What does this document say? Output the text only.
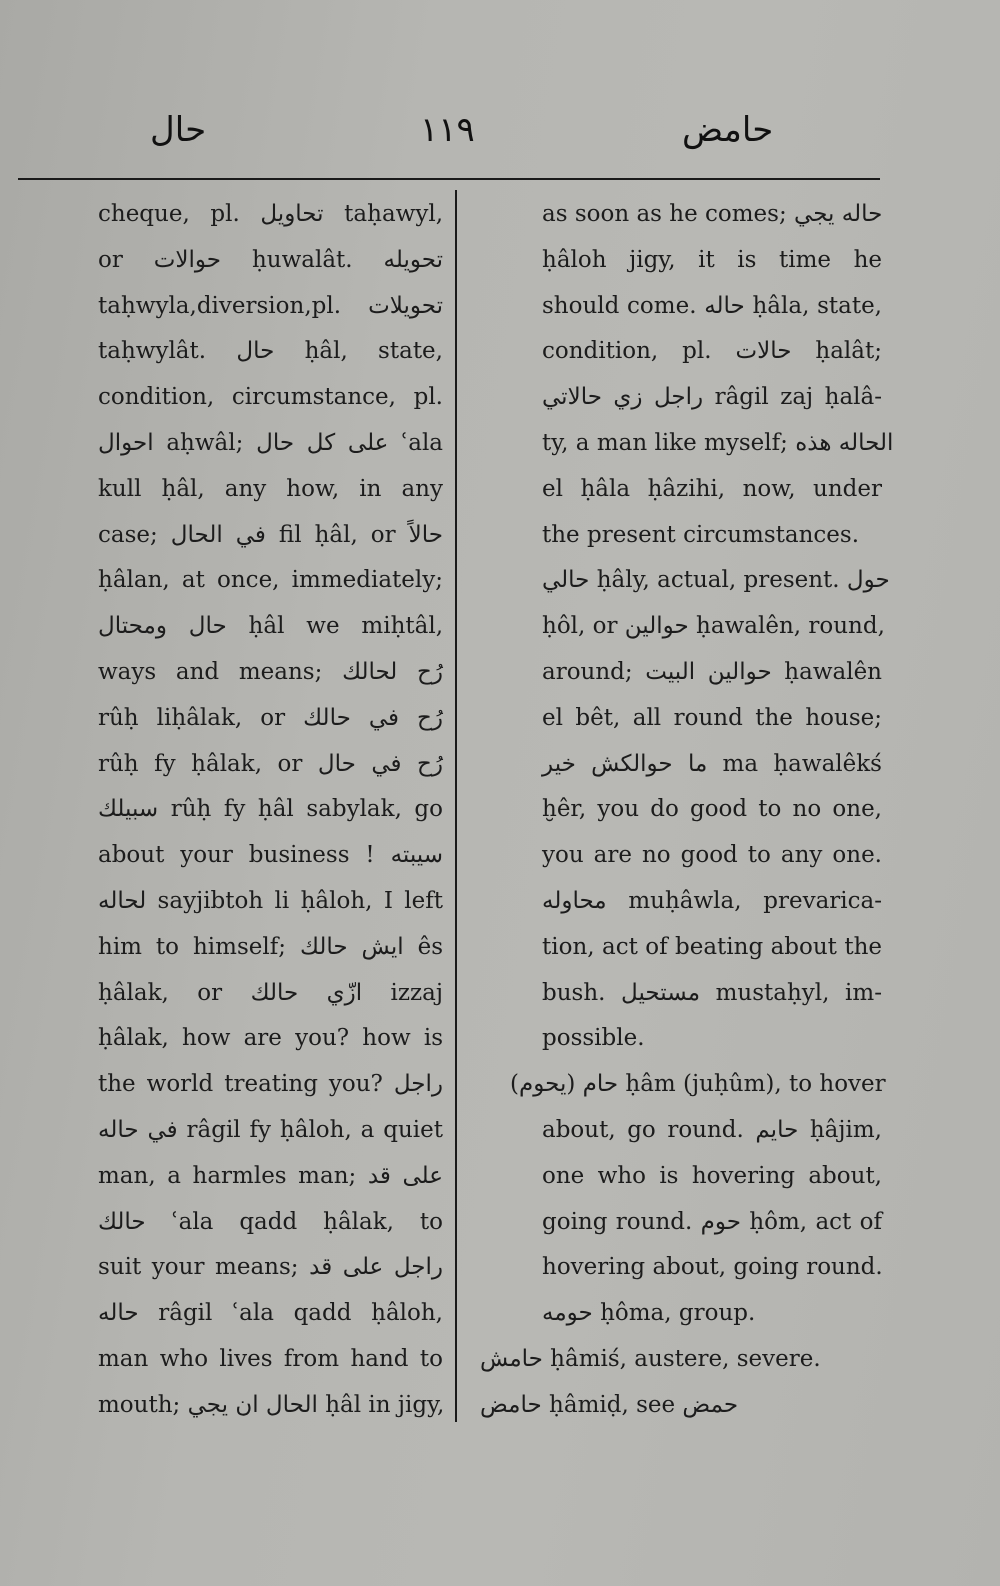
حال	١١٩	حامض
cheque, pl. تحاويل taḥawyl,
or حوالات ḥuwalât. تحويله
taḥwyla,diversion,pl. تحويلات
taḥwylât. حال ḥâl, state,
condition, circumstance, pl.
احوال aḥwâl; على كل حال ʿala
kull ḥâl, any how, in any
case; في الحال fil ḥâl, or حالاً
ḥâlan, at once, immediately;
حال ومحتال ḥâl we miḥtâl,
ways and means; رُح لحالك
rûḥ liḥâlak, or رُح في حالك
rûḥ fy ḥâlak, or رُح في حال
سبيلك rûḥ fy ḥâl sabylak, go
about your business ! سيبته
لحاله sayjibtoh li ḥâloh, I left
him to himself; ايش حالك ês
ḥâlak, or ازّي حالك izzaj
ḥâlak, how are you? how is
the world treating you? راجل
في حاله râgil fy ḥâloh, a quiet
man, a harmles man; على قد
حالك ʿala qadd ḥâlak, to
suit your means; راجل على قد
حاله râgil ʿala qadd ḥâloh,
man who lives from hand to
mouth; الحال ان يجي ḥâl in jigy,
as soon as he comes; حاله يجي
ḥâloh jigy, it is time he
should come. حاله ḥâla, state,
condition, pl. حالات ḥalât;
راجل زي حالاتي râgil zaj ḥalâ-
ty, a man like myself; الحاله هذه
el ḥâla ḥâzihi, now, under
the present circumstances.
حالي ḥâly, actual, present. حول
ḥôl, or حوالين ḥawalên, round,
around; حوالين البيت ḥawalên
el bêt, all round the house;
ما حوالكش خير ma ḥawalêkś
ḫêr, you do good to no one,
you are no good to any one.
محاوله muḥâwla, prevarica-
tion, act of beating about the
bush. مستحيل mustaḥyl, im-
possible.
حام (يحوم) ḥâm (juḥûm), to hover
about, go round. حايم ḥâjim,
one who is hovering about,
going round. حوم ḥôm, act of
hovering about, going round.
حومه ḥôma, group.
حامش ḥâmiś, austere, severe.
حامض ḥâmiḍ, see حمض
